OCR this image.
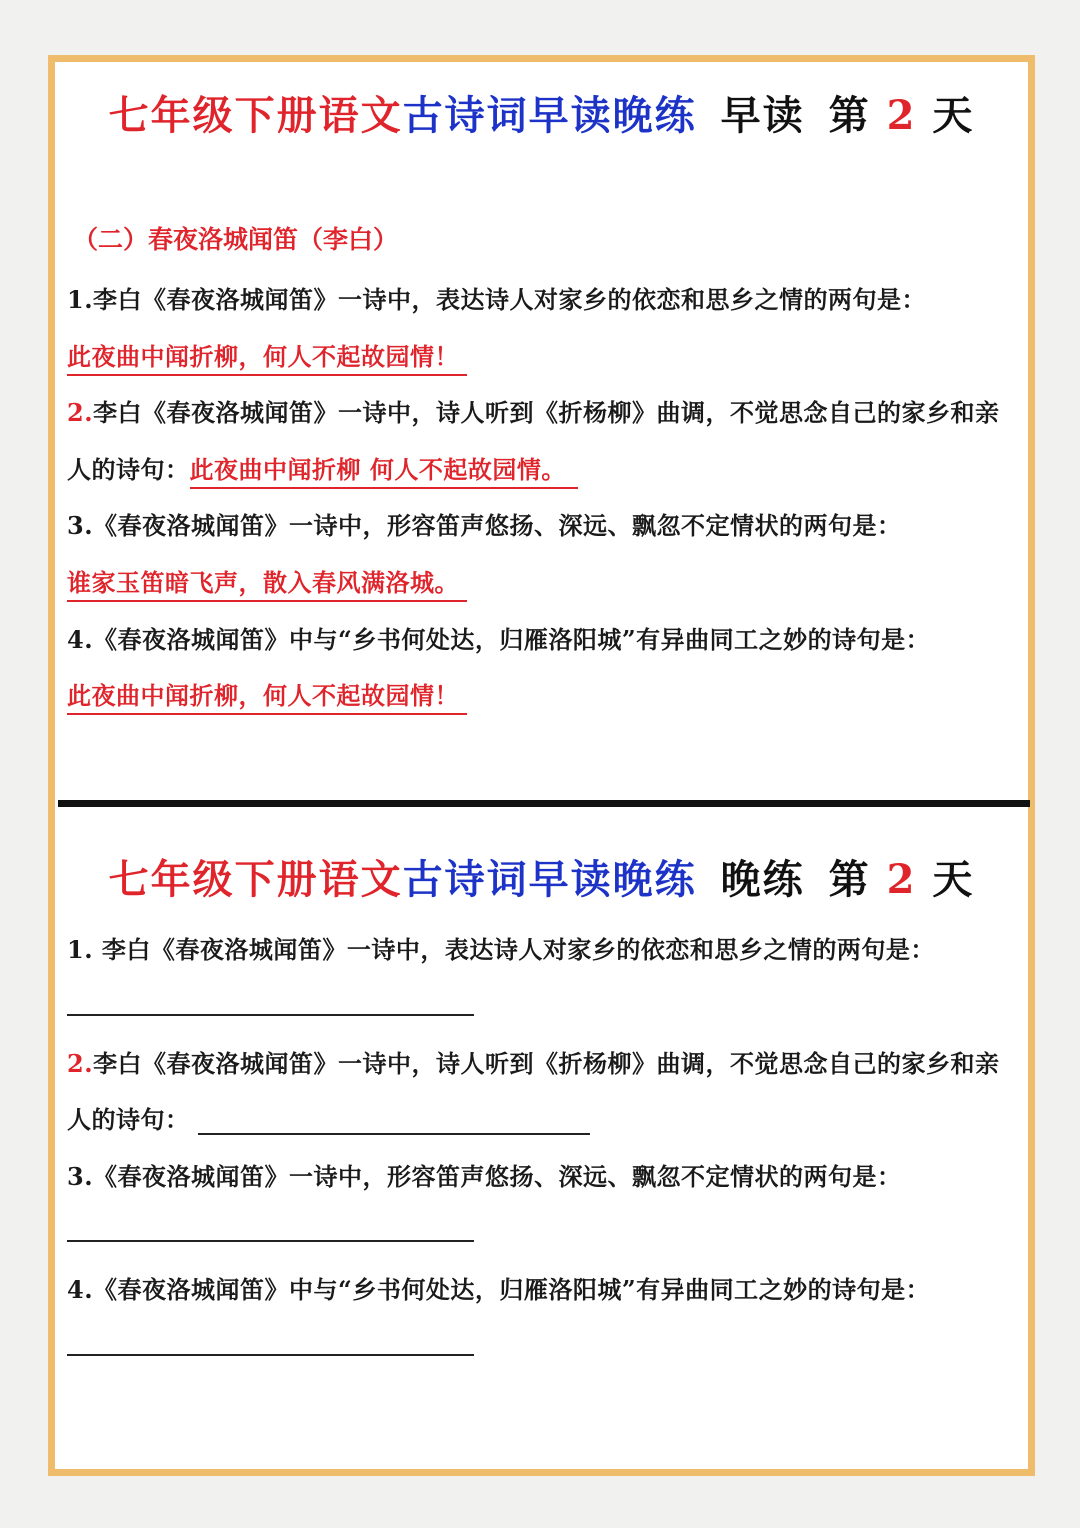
七年级下册语文古诗词早读晚练 早读 第 2 天
（二）春夜洛城闻笛（李白）
1.李白《春夜洛城闻笛》一诗中，表达诗人对家乡的依恋和思乡之情的两句是：
此夜曲中闻折柳，何人不起故园情！
2.李白《春夜洛城闻笛》一诗中，诗人听到《折杨柳》曲调，不觉思念自己的家乡和亲
人的诗句：此夜曲中闻折柳 何人不起故园情。
3.《春夜洛城闻笛》一诗中，形容笛声悠扬、深远、飘忽不定情状的两句是：
谁家玉笛暗飞声，散入春风满洛城。
4.《春夜洛城闻笛》中与“乡书何处达，归雁洛阳城”有异曲同工之妙的诗句是：
此夜曲中闻折柳，何人不起故园情！
七年级下册语文古诗词早读晚练 晚练 第 2 天
1. 李白《春夜洛城闻笛》一诗中，表达诗人对家乡的依恋和思乡之情的两句是：
2.李白《春夜洛城闻笛》一诗中，诗人听到《折杨柳》曲调，不觉思念自己的家乡和亲
人的诗句：
3.《春夜洛城闻笛》一诗中，形容笛声悠扬、深远、飘忽不定情状的两句是：
4.《春夜洛城闻笛》中与“乡书何处达，归雁洛阳城”有异曲同工之妙的诗句是：
